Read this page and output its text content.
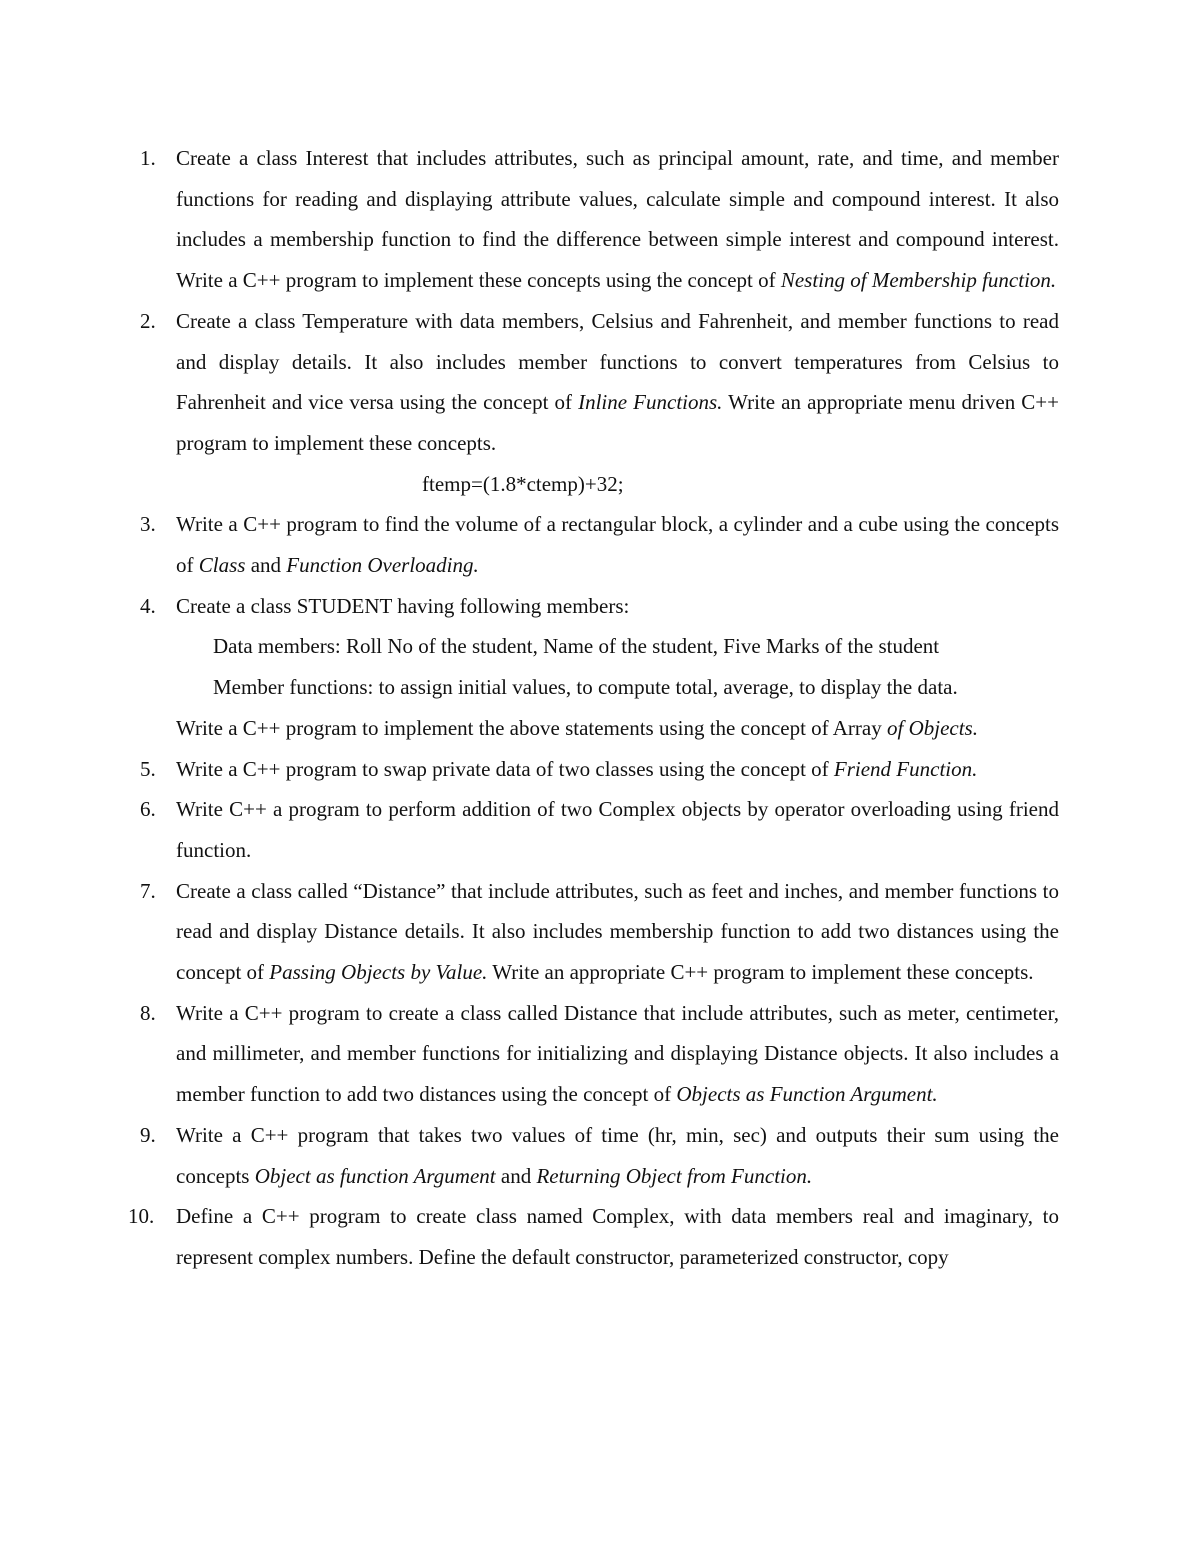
1. Create a class Interest that includes attributes, such as principal amount, rate, and time, and member functions for reading and displaying attribute values, calculate simple and compound interest. It also includes a membership function to find the difference between simple interest and compound interest. Write a C++ program to implement these concepts using the concept of Nesting of Membership function.
2. Create a class Temperature with data members, Celsius and Fahrenheit, and member functions to read and display details. It also includes member functions to convert temperatures from Celsius to Fahrenheit and vice versa using the concept of Inline Functions. Write an appropriate menu driven C++ program to implement these concepts.
ftemp=(1.8*ctemp)+32;
3. Write a C++ program to find the volume of a rectangular block, a cylinder and a cube using the concepts of Class and Function Overloading.
4. Create a class STUDENT having following members:
Data members: Roll No of the student, Name of the student, Five Marks of the student
Member functions: to assign initial values, to compute total, average, to display the data.
Write a C++ program to implement the above statements using the concept of Array of Objects.
5. Write a C++ program to swap private data of two classes using the concept of Friend Function.
6. Write C++ a program to perform addition of two Complex objects by operator overloading using friend function.
7. Create a class called “Distance” that include attributes, such as feet and inches, and member functions to read and display Distance details. It also includes membership function to add two distances using the concept of Passing Objects by Value. Write an appropriate C++ program to implement these concepts.
8. Write a C++ program to create a class called Distance that include attributes, such as meter, centimeter, and millimeter, and member functions for initializing and displaying Distance objects. It also includes a member function to add two distances using the concept of Objects as Function Argument.
9. Write a C++ program that takes two values of time (hr, min, sec) and outputs their sum using the concepts Object as function Argument and Returning Object from Function.
10. Define a C++ program to create class named Complex, with data members real and imaginary, to represent complex numbers. Define the default constructor, parameterized constructor, copy
